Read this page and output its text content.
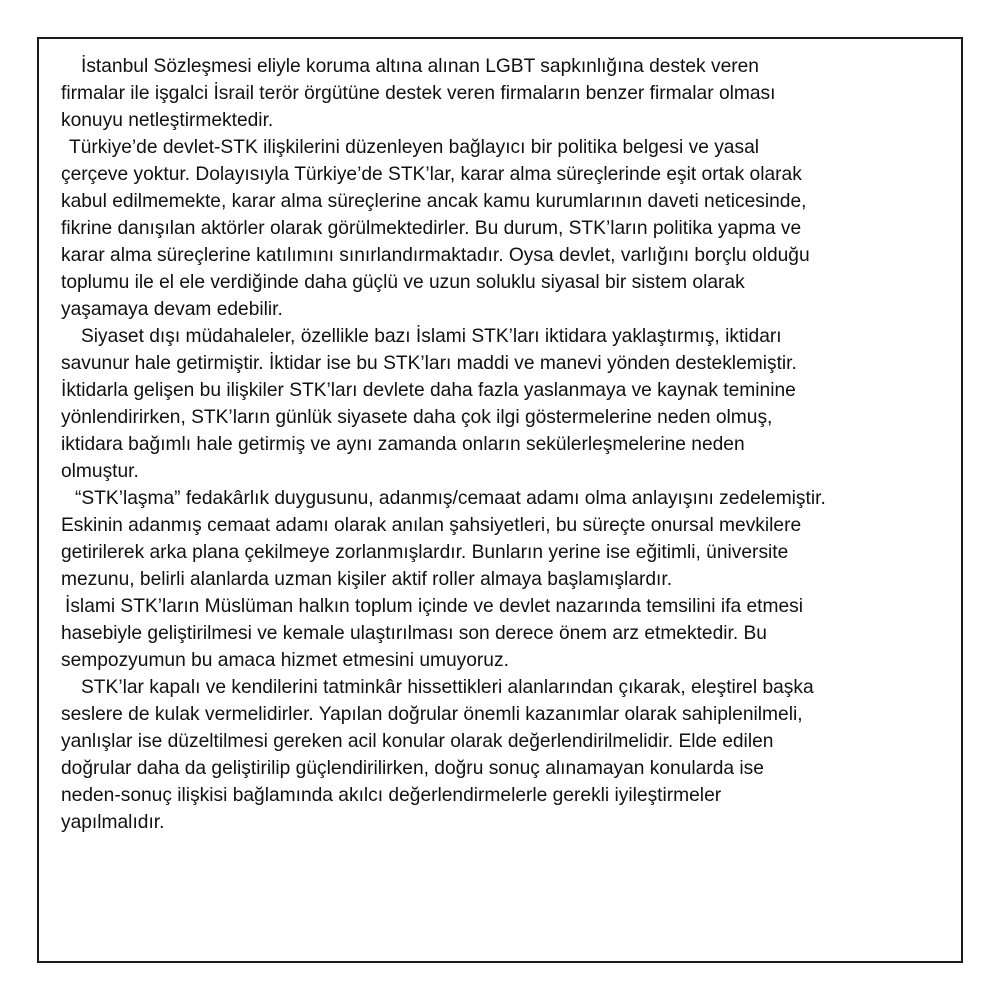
İstanbul Sözleşmesi eliyle koruma altına alınan LGBT sapkınlığına destek veren
firmalar ile işgalci İsrail terör örgütüne destek veren firmaların benzer firmalar olması
konuyu netleştirmektedir.

Türkiye’de devlet-STK ilişkilerini düzenleyen bağlayıcı bir politika belgesi ve yasal
çerçeve yoktur. Dolayısıyla Türkiye’de STK’lar, karar alma süreçlerinde eşit ortak olarak
kabul edilmemekte, karar alma süreçlerine ancak kamu kurumlarının daveti neticesinde,
fikrine danışılan aktörler olarak görülmektedirler. Bu durum, STK’ların politika yapma ve
karar alma süreçlerine katılımını sınırlandırmaktadır. Oysa devlet, varlığını borçlu olduğu
toplumu ile el ele verdiğinde daha güçlü ve uzun soluklu siyasal bir sistem olarak
yaşamaya devam edebilir.

Siyaset dışı müdahaleler, özellikle bazı İslami STK’ları iktidara yaklaştırmış, iktidarı
savunur hale getirmiştir. İktidar ise bu STK’ları maddi ve manevi yönden desteklemiştir.
İktidarla gelişen bu ilişkiler STK’ları devlete daha fazla yaslanmaya ve kaynak teminine
yönlendirirken, STK’ların günlük siyasete daha çok ilgi göstermelerine neden olmuş,
iktidara bağımlı hale getirmiş ve aynı zamanda onların sekülerleşmelerine neden
olmuştur.

“STK’laşma” fedakârlık duygusunu, adanmış/cemaat adamı olma anlayışını zedelemiştir.
Eskinin adanmış cemaat adamı olarak anılan şahsiyetleri, bu süreçte onursal mevkilere
getirilerek arka plana çekilmeye zorlanmışlardır. Bunların yerine ise eğitimli, üniversite
mezunu, belirli alanlarda uzman kişiler aktif roller almaya başlamışlardır.

İslami STK’ların Müslüman halkın toplum içinde ve devlet nazarında temsilini ifa etmesi
hasebiyle geliştirilmesi ve kemale ulaştırılması son derece önem arz etmektedir. Bu
sempozyumun bu amaca hizmet etmesini umuyoruz.

STK’lar kapalı ve kendilerini tatminkâr hissettikleri alanlarından çıkarak, eleştirel başka
seslere de kulak vermelidirler. Yapılan doğrular önemli kazanımlar olarak sahiplenilmeli,
yanlışlar ise düzeltilmesi gereken acil konular olarak değerlendirilmelidir. Elde edilen
doğrular daha da geliştirilip güçlendirilirken, doğru sonuç alınamayan konularda ise
neden-sonuç ilişkisi bağlamında akılcı değerlendirmelerle gerekli iyileştirmeler
yapılmalıdır.
